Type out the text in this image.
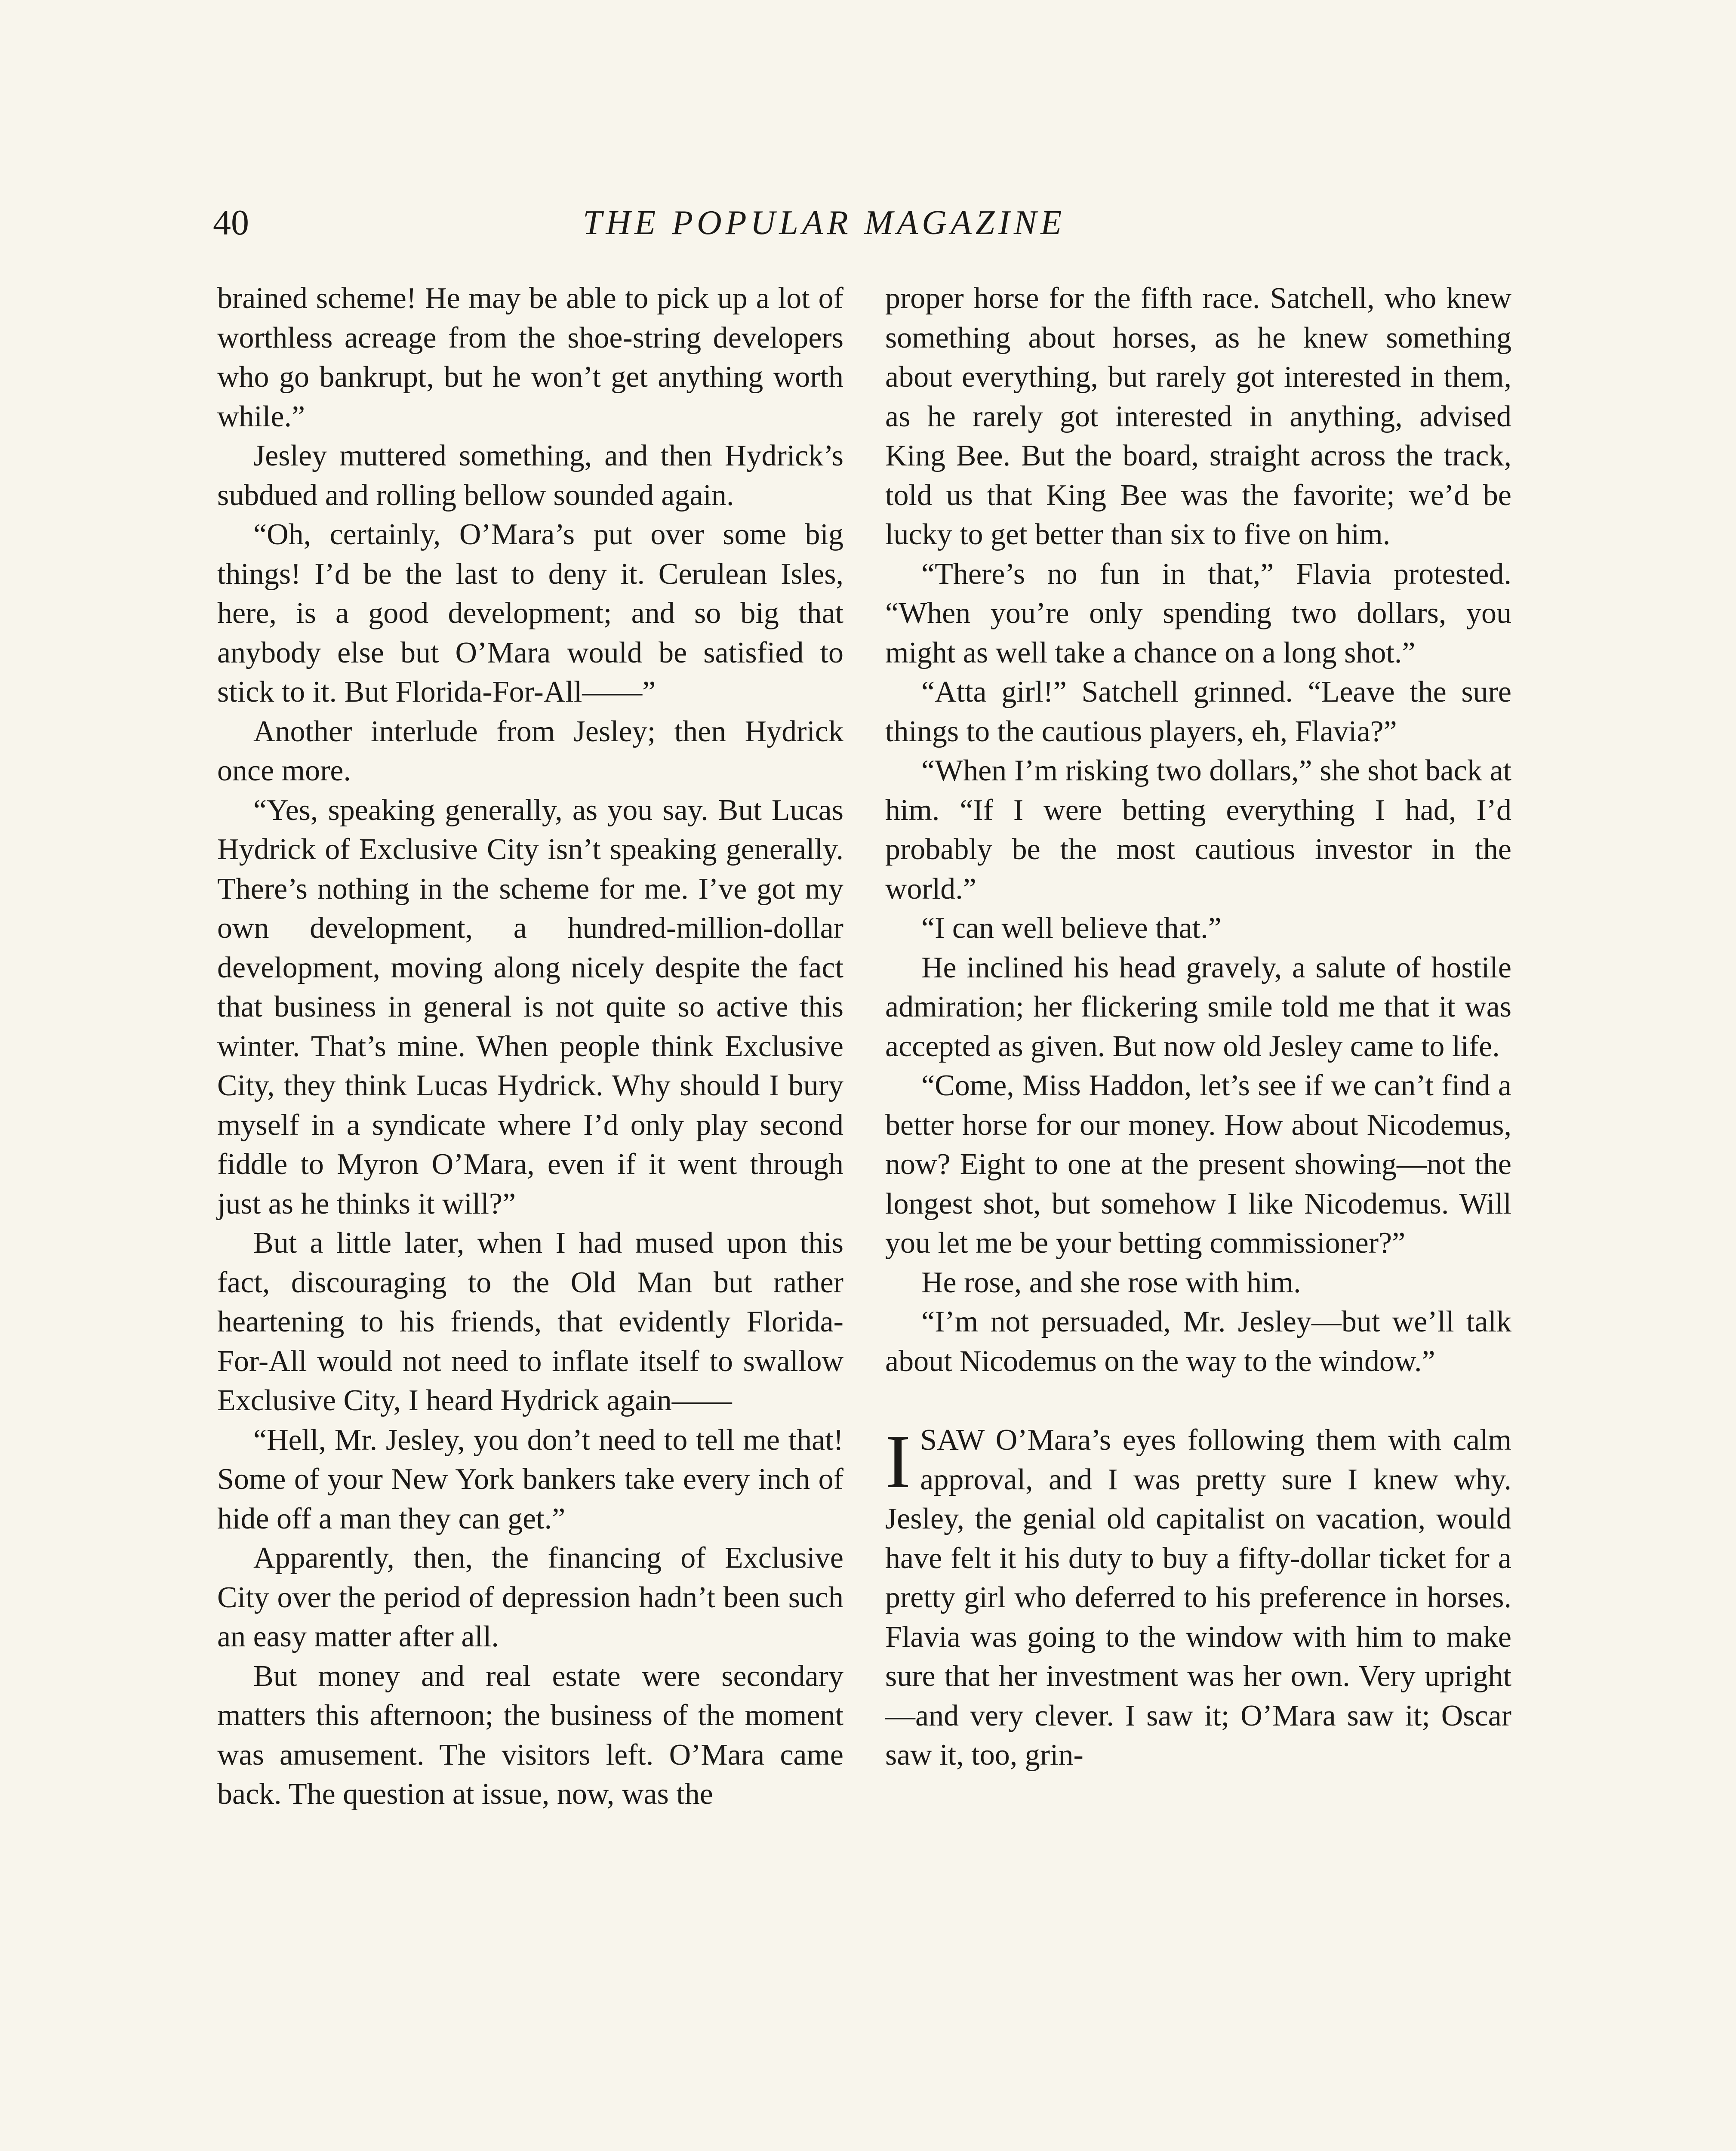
40	THE POPULAR MAGAZINE

brained scheme! He may be able to pick up a lot of worthless acreage from the shoe-string developers who go bankrupt, but he won’t get anything worth while.”

Jesley muttered something, and then Hydrick’s subdued and rolling bellow sounded again.

“Oh, certainly, O’Mara’s put over some big things! I’d be the last to deny it. Cerulean Isles, here, is a good development; and so big that anybody else but O’Mara would be satisfied to stick to it. But Florida-For-All——”

Another interlude from Jesley; then Hydrick once more.

“Yes, speaking generally, as you say. But Lucas Hydrick of Exclusive City isn’t speaking generally. There’s nothing in the scheme for me. I’ve got my own development, a hundred-million-dollar development, moving along nicely despite the fact that business in general is not quite so active this winter. That’s mine. When people think Exclusive City, they think Lucas Hydrick. Why should I bury myself in a syndicate where I’d only play second fiddle to Myron O’Mara, even if it went through just as he thinks it will?”

But a little later, when I had mused upon this fact, discouraging to the Old Man but rather heartening to his friends, that evidently Florida-For-All would not need to inflate itself to swallow Exclusive City, I heard Hydrick again——

“Hell, Mr. Jesley, you don’t need to tell me that! Some of your New York bankers take every inch of hide off a man they can get.”

Apparently, then, the financing of Exclusive City over the period of depression hadn’t been such an easy matter after all.

But money and real estate were secondary matters this afternoon; the business of the moment was amusement. The visitors left. O’Mara came back. The question at issue, now, was the

proper horse for the fifth race. Satchell, who knew something about horses, as he knew something about everything, but rarely got interested in them, as he rarely got interested in anything, advised King Bee. But the board, straight across the track, told us that King Bee was the favorite; we’d be lucky to get better than six to five on him.

“There’s no fun in that,” Flavia protested. “When you’re only spending two dollars, you might as well take a chance on a long shot.”

“Atta girl!” Satchell grinned. “Leave the sure things to the cautious players, eh, Flavia?”

“When I’m risking two dollars,” she shot back at him. “If I were betting everything I had, I’d probably be the most cautious investor in the world.”

“I can well believe that.”

He inclined his head gravely, a salute of hostile admiration; her flickering smile told me that it was accepted as given. But now old Jesley came to life.

“Come, Miss Haddon, let’s see if we can’t find a better horse for our money. How about Nicodemus, now? Eight to one at the present showing—not the longest shot, but somehow I like Nicodemus. Will you let me be your betting commissioner?”

He rose, and she rose with him.

“I’m not persuaded, Mr. Jesley—but we’ll talk about Nicodemus on the way to the window.”

ISAW O’Mara’s eyes following them with calm approval, and I was pretty sure I knew why. Jesley, the genial old capitalist on vacation, would have felt it his duty to buy a fifty-dollar ticket for a pretty girl who deferred to his preference in horses. Flavia was going to the window with him to make sure that her investment was her own. Very upright—and very clever. I saw it; O’Mara saw it; Oscar saw it, too, grin-
